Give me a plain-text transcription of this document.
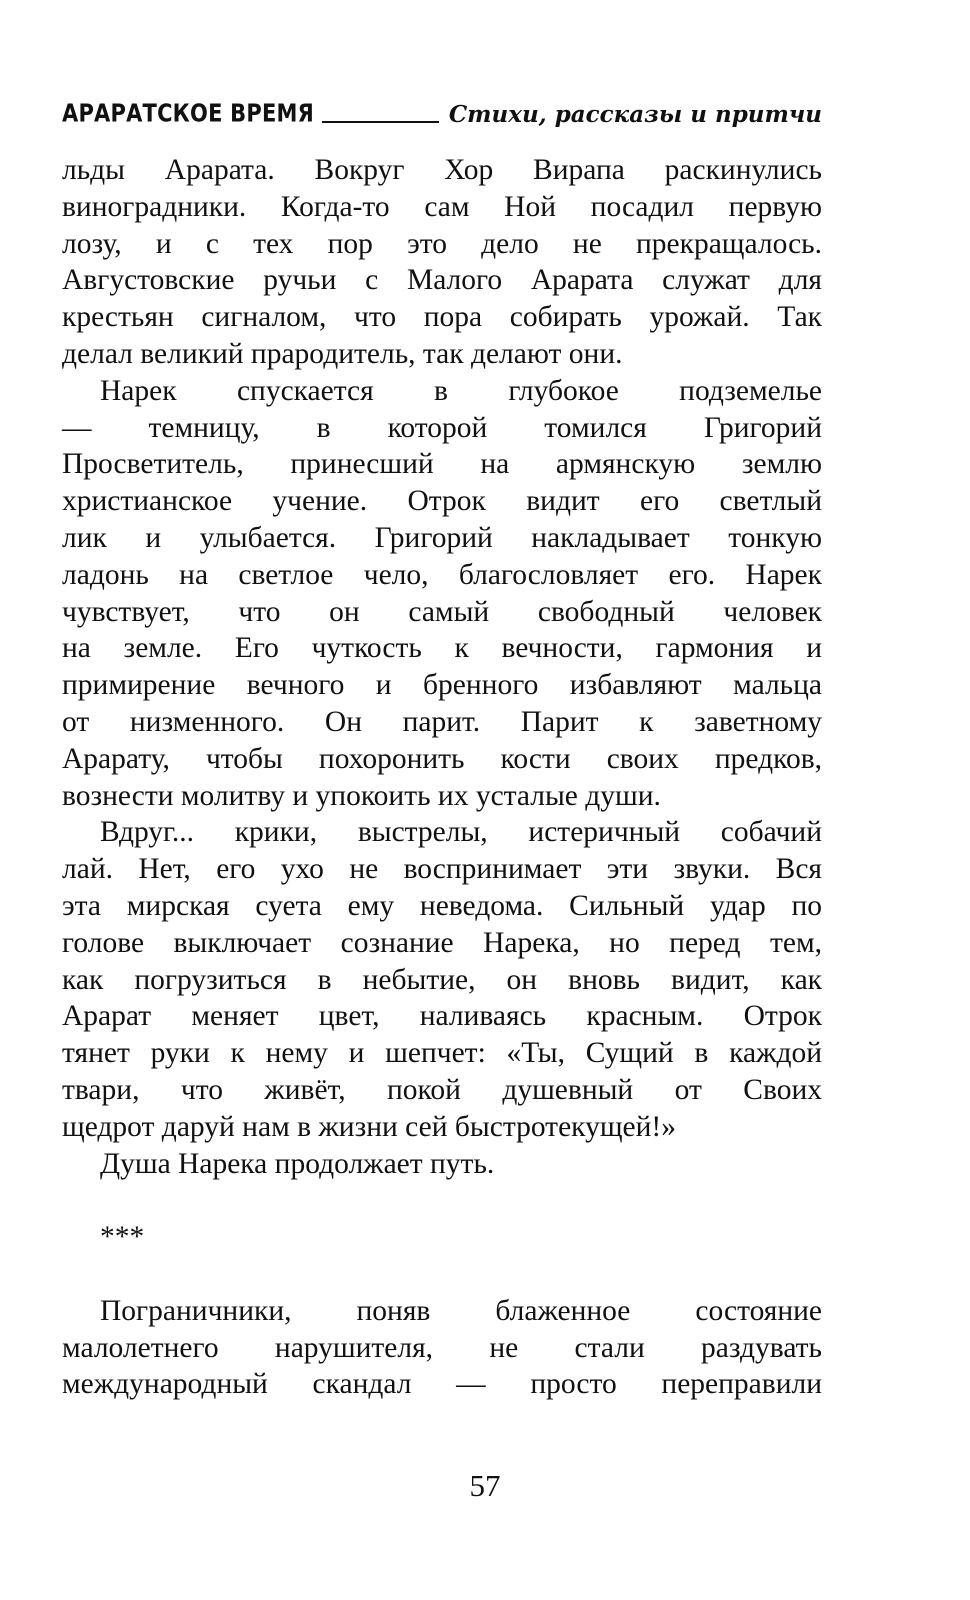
АРАРАТСКОЕ ВРЕМЯ	Стихи, рассказы и притчи
льды Арарата. Вокруг Хор Вирапа раскинулись
виноградники. Когда-то сам Ной посадил первую
лозу, и с тех пор это дело не прекращалось.
Августовские ручьи с Малого Арарата служат для
крестьян сигналом, что пора собирать урожай. Так
делал великий прародитель, так делают они.
Нарек спускается в глубокое подземелье
— темницу, в которой томился Григорий
Просветитель, принесший на армянскую землю
христианское учение. Отрок видит его светлый
лик и улыбается. Григорий накладывает тонкую
ладонь на светлое чело, благословляет его. Нарек
чувствует, что он самый свободный человек
на земле. Его чуткость к вечности, гармония и
примирение вечного и бренного избавляют мальца
от низменного. Он парит. Парит к заветному
Арарату, чтобы похоронить кости своих предков,
вознести молитву и упокоить их усталые души.
Вдруг... крики, выстрелы, истеричный собачий
лай. Нет, его ухо не воспринимает эти звуки. Вся
эта мирская суета ему неведома. Сильный удар по
голове выключает сознание Нарека, но перед тем,
как погрузиться в небытие, он вновь видит, как
Арарат меняет цвет, наливаясь красным. Отрок
тянет руки к нему и шепчет: «Ты, Сущий в каждой
твари, что живёт, покой душевный от Своих
щедрот даруй нам в жизни сей быстротекущей!»
Душа Нарека продолжает путь.
***
Пограничники, поняв блаженное состояние
малолетнего нарушителя, не стали раздувать
международный скандал — просто переправили
57
